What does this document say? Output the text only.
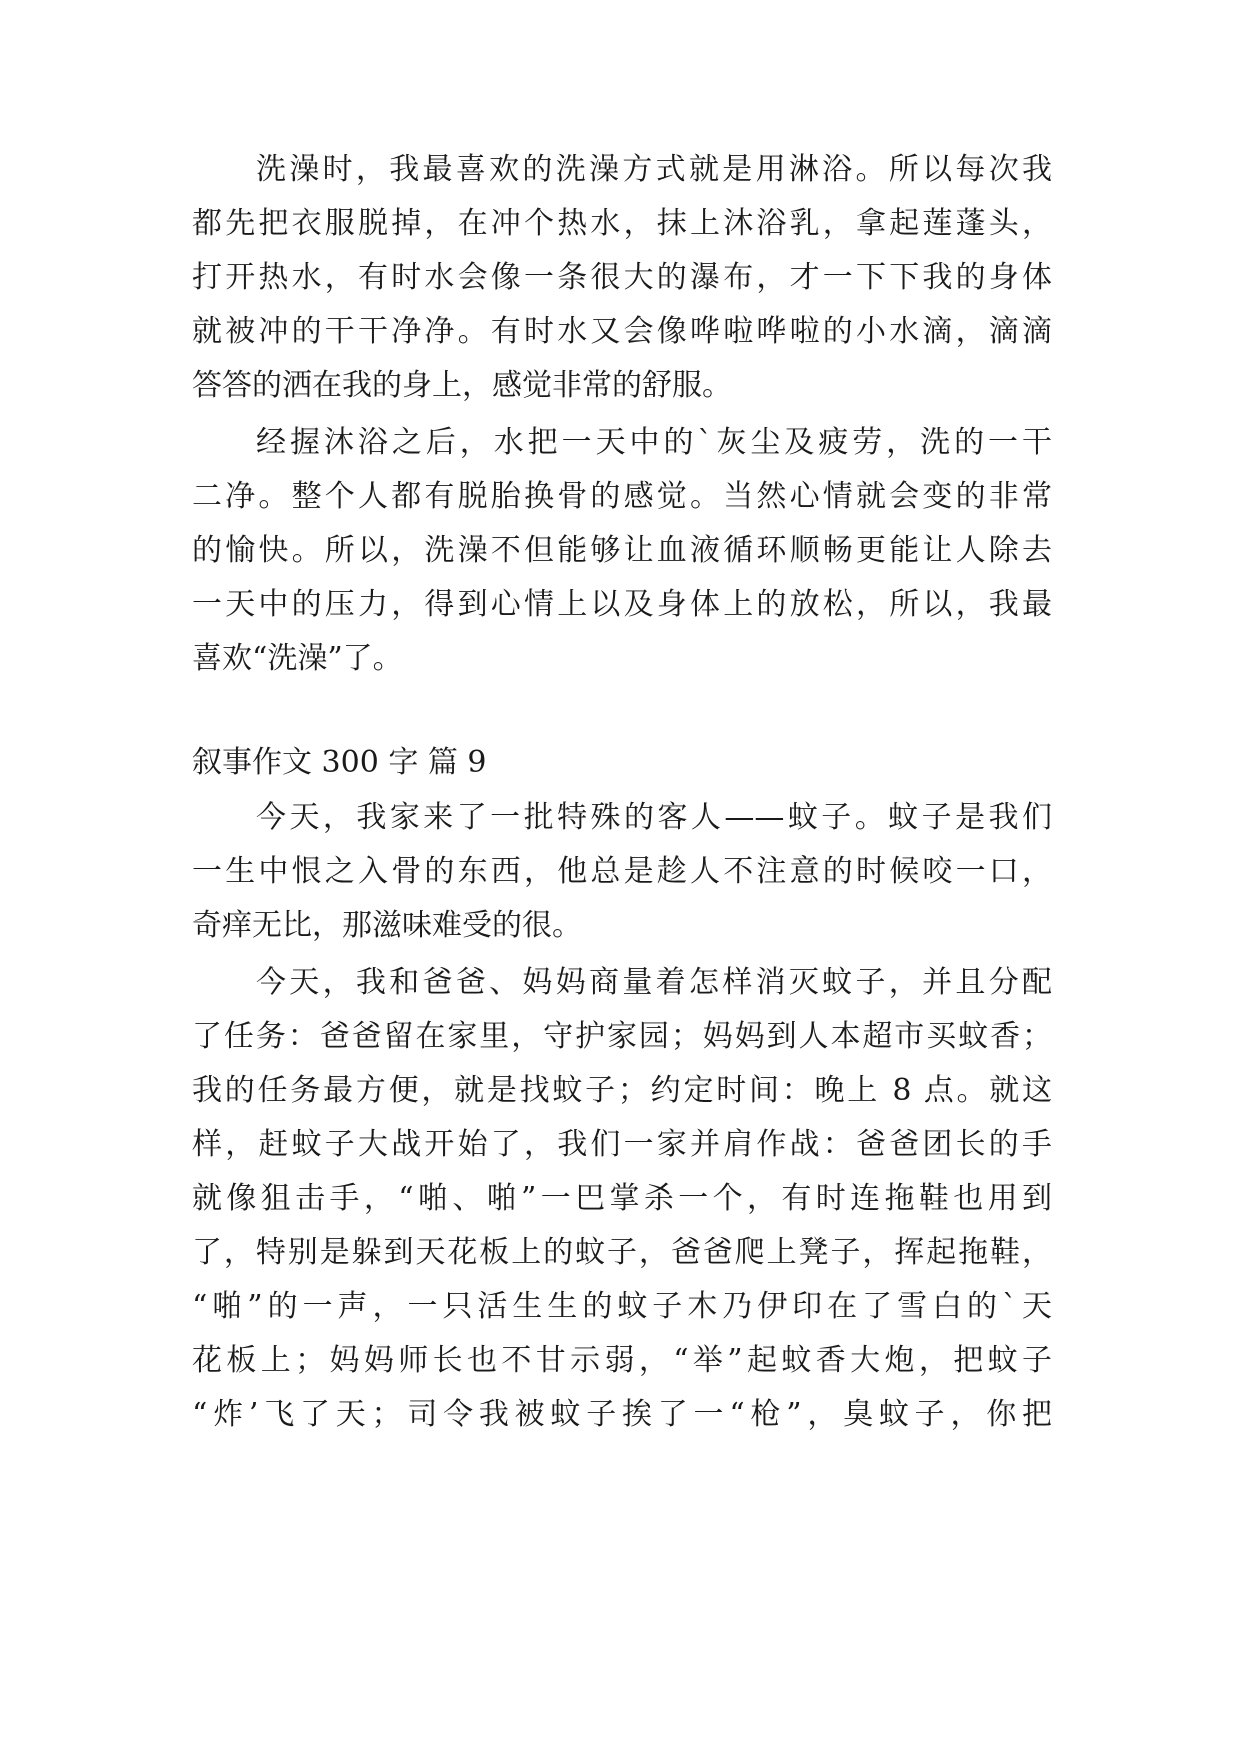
洗澡时，我最喜欢的洗澡方式就是用淋浴。所以每次我
都先把衣服脱掉，在冲个热水，抹上沐浴乳，拿起莲蓬头，
打开热水，有时水会像一条很大的瀑布，才一下下我的身体
就被冲的干干净净。有时水又会像哗啦哗啦的小水滴，滴滴
答答的洒在我的身上，感觉非常的舒服。
经握沐浴之后，水把一天中的`灰尘及疲劳，洗的一干
二净。整个人都有脱胎换骨的感觉。当然心情就会变的非常
的愉快。所以，洗澡不但能够让血液循环顺畅更能让人除去
一天中的压力，得到心情上以及身体上的放松，所以，我最
喜欢“洗澡”了。
叙事作文 300 字 篇 9
今天，我家来了一批特殊的客人——蚊子。蚊子是我们
一生中恨之入骨的东西，他总是趁人不注意的时候咬一口，
奇痒无比，那滋味难受的很。
今天，我和爸爸、妈妈商量着怎样消灭蚊子，并且分配
了任务：爸爸留在家里，守护家园；妈妈到人本超市买蚊香；
我的任务最方便，就是找蚊子；约定时间：晚上 8 点。就这
样，赶蚊子大战开始了，我们一家并肩作战：爸爸团长的手
就像狙击手，“啪、啪”一巴掌杀一个，有时连拖鞋也用到
了，特别是躲到天花板上的蚊子，爸爸爬上凳子，挥起拖鞋，
“啪”的一声，一只活生生的蚊子木乃伊印在了雪白的`天
花板上；妈妈师长也不甘示弱，“举”起蚊香大炮，把蚊子
“炸’飞了天；司令我被蚊子挨了一“枪”，臭蚊子，你把
